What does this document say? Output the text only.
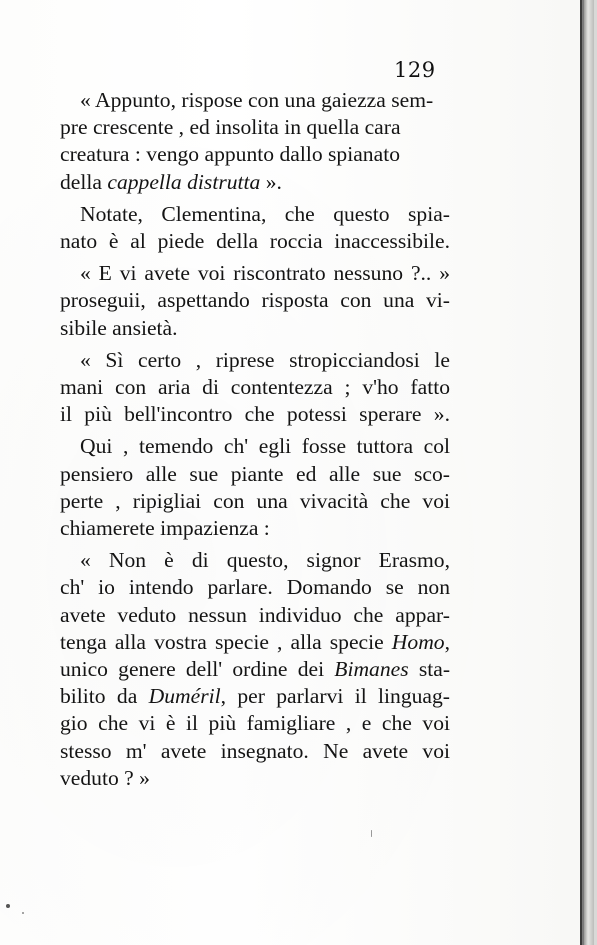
129
« Appunto, rispose con una gaiezza sem-
pre crescente , ed insolita in quella cara
creatura : vengo appunto dallo spianato
della cappella distrutta ».
Notate, Clementina, che questo spia-
nato è al piede della roccia inaccessibile.
« E vi avete voi riscontrato nessuno ?.. »
proseguii, aspettando risposta con una vi-
sibile ansietà.
« Sì certo , riprese stropicciandosi le
mani con aria di contentezza ; v'ho fatto
il più bell'incontro che potessi sperare ».
Qui , temendo ch' egli fosse tuttora col
pensiero alle sue piante ed alle sue sco-
perte , ripigliai con una vivacità che voi
chiamerete impazienza :
« Non è di questo, signor Erasmo,
ch' io intendo parlare. Domando se non
avete veduto nessun individuo che appar-
tenga alla vostra specie , alla specie Homo,
unico genere dell' ordine dei Bimanes sta-
bilito da Duméril, per parlarvi il linguag-
gio che vi è il più famigliare , e che voi
stesso m' avete insegnato. Ne avete voi
veduto ? »
